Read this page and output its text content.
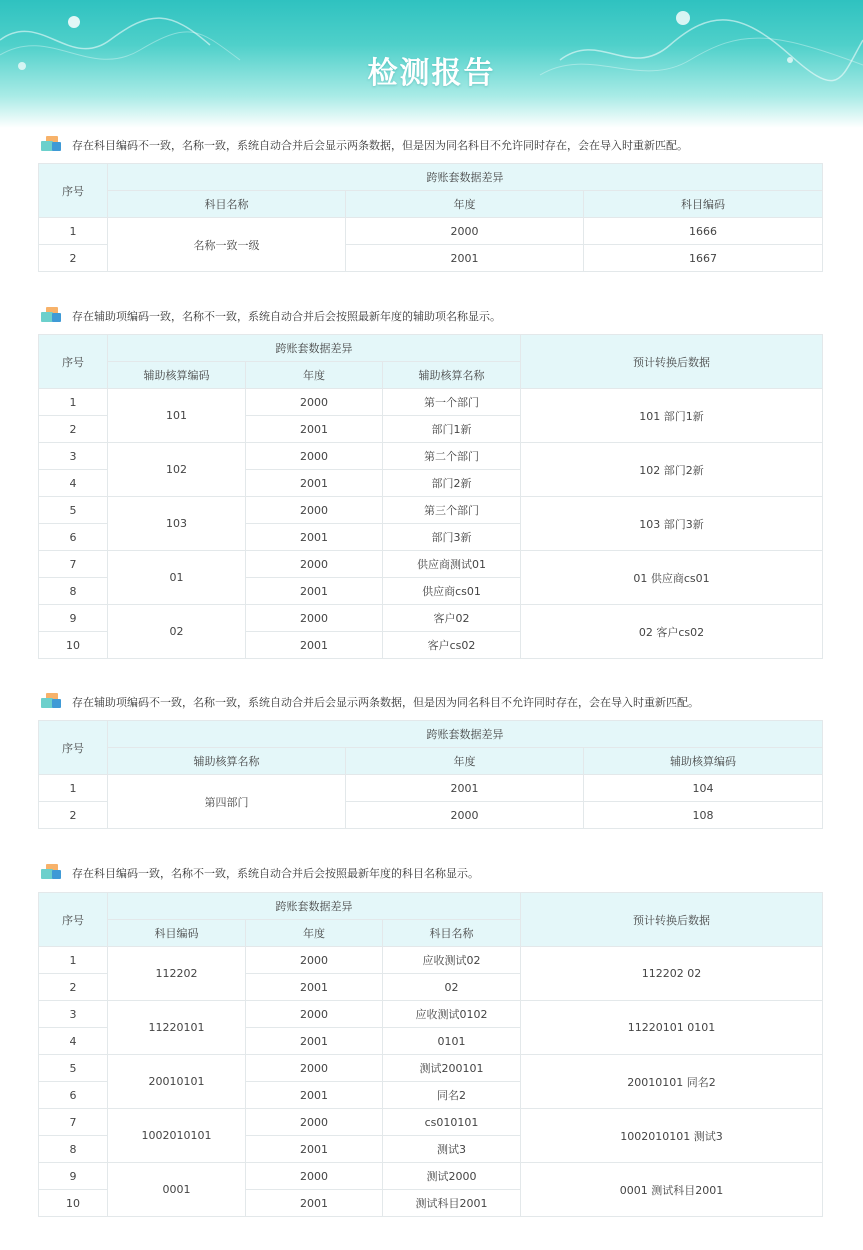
检测报告
存在科目编码不一致，名称一致，系统自动合并后会显示两条数据，但是因为同名科目不允许同时存在，会在导入时重新匹配。
序号	跨账套数据差异		
	科目名称	年度	科目编码
1	名称一致一级	2000	1666
2		2001	1667
存在辅助项编码一致，名称不一致，系统自动合并后会按照最新年度的辅助项名称显示。
序号	跨账套数据差异			预计转换后数据
	辅助核算编码	年度	辅助核算名称	
1	101	2000	第一个部门	101 部门1新
2		2001	部门1新	
3	102	2000	第二个部门	102 部门2新
4		2001	部门2新	
5	103	2000	第三个部门	103 部门3新
6		2001	部门3新	
7	01	2000	供应商测试01	01 供应商cs01
8		2001	供应商cs01	
9	02	2000	客户02	02 客户cs02
10		2001	客户cs02	
存在辅助项编码不一致，名称一致，系统自动合并后会显示两条数据，但是因为同名科目不允许同时存在，会在导入时重新匹配。
序号	跨账套数据差异		
	辅助核算名称	年度	辅助核算编码
1	第四部门	2001	104
2		2000	108
存在科目编码一致，名称不一致，系统自动合并后会按照最新年度的科目名称显示。
序号	跨账套数据差异			预计转换后数据
	科目编码	年度	科目名称	
1	112202	2000	应收测试02	112202 02
2		2001	02	
3	11220101	2000	应收测试0102	11220101 0101
4		2001	0101	
5	20010101	2000	测试200101	20010101 同名2
6		2001	同名2	
7	1002010101	2000	cs010101	1002010101 测试3
8		2001	测试3	
9	0001	2000	测试2000	0001 测试科目2001
10		2001	测试科目2001	
